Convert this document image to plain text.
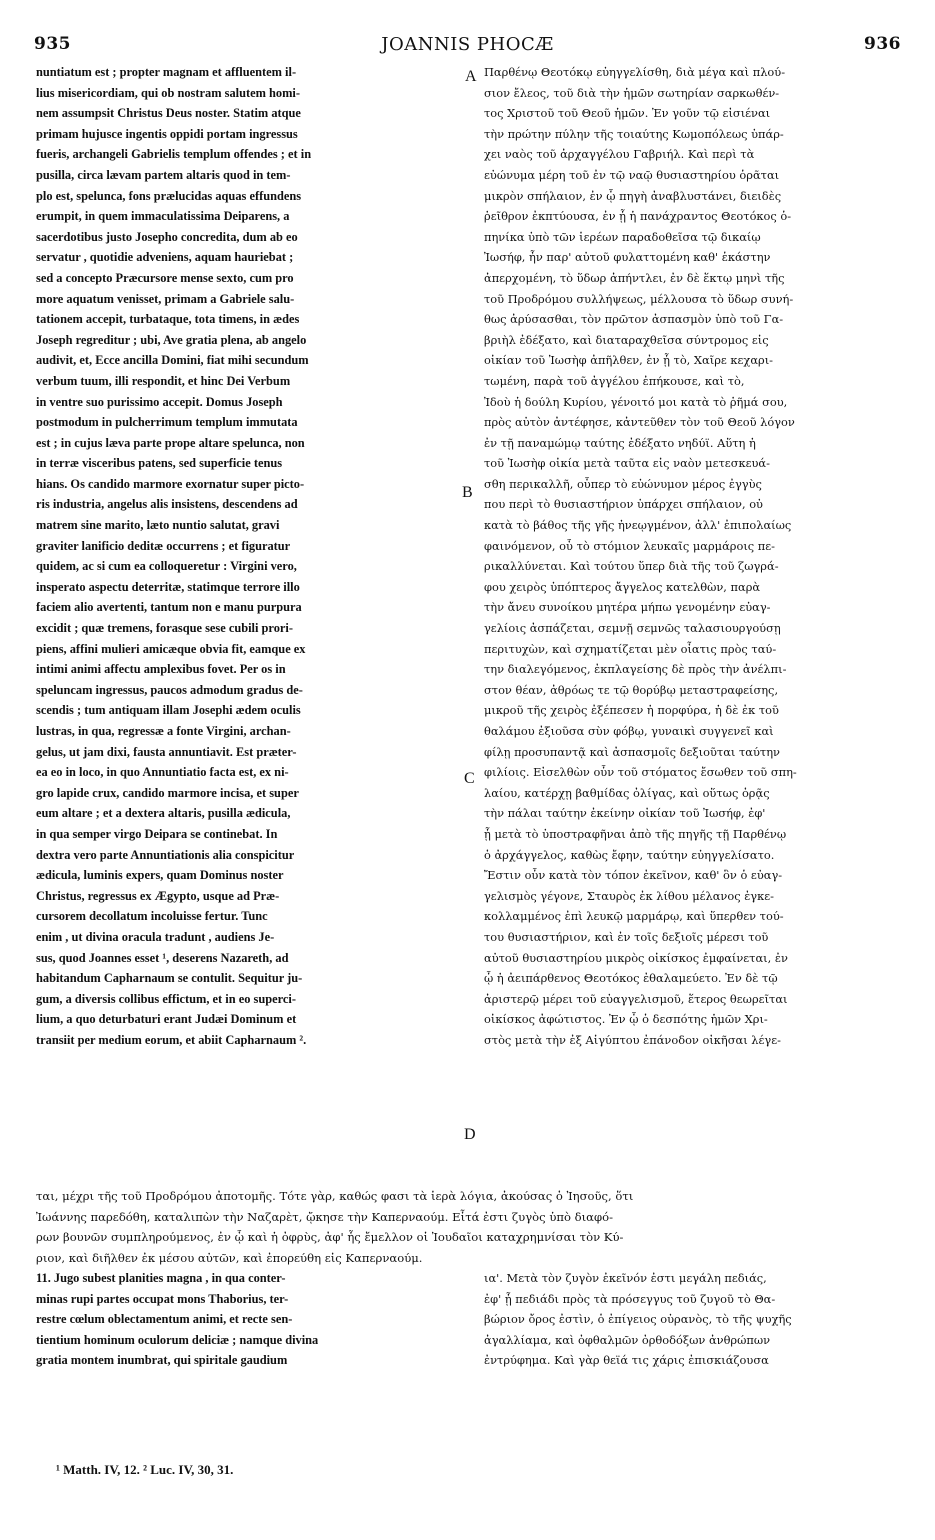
935	JOANNIS PHOCÆ	936
A
B
C
D
nuntiatum est ; propter magnam et affluentem il-
lius misericordiam, qui ob nostram salutem homi-
nem assumpsit Christus Deus noster. Statim atque
primam hujusce ingentis oppidi portam ingressus
fueris, archangeli Gabrielis templum offendes ; et in
pusilla, circa lævam partem altaris quod in tem-
plo est, spelunca, fons prælucidas aquas effundens
erumpit, in quem immaculatissima Deiparens, a
sacerdotibus justo Josepho concredita, dum ab eo
servatur , quotidie adveniens, aquam hauriebat ;
sed a concepto Præcursore mense sexto, cum pro
more aquatum venisset, primam a Gabriele salu-
tationem accepit, turbataque, tota timens, in ædes
Joseph regreditur ; ubi, Ave gratia plena, ab angelo
audivit, et, Ecce ancilla Domini, fiat mihi secundum
verbum tuum, illi respondit, et hinc Dei Verbum
in ventre suo purissimo accepit. Domus Joseph
postmodum in pulcherrimum templum immutata
est ; in cujus læva parte prope altare spelunca, non
in terræ visceribus patens, sed superficie tenus
hians. Os candido marmore exornatur super picto-
ris industria, angelus alis insistens, descendens ad
matrem sine marito, læto nuntio salutat, gravi
graviter lanificio deditæ occurrens ; et figuratur
quidem, ac si cum ea colloqueretur : Virgini vero,
insperato aspectu deterritæ, statimque terrore illo
faciem alio avertenti, tantum non e manu purpura
excidit ; quæ tremens, forasque sese cubili prori-
piens, affini mulieri amicæque obvia fit, eamque ex
intimi animi affectu amplexibus fovet. Per os in
speluncam ingressus, paucos admodum gradus de-
scendis ; tum antiquam illam Josephi ædem oculis
lustras, in qua, regressæ a fonte Virgini, archan-
gelus, ut jam dixi, fausta annuntiavit. Est præter-
ea eo in loco, in quo Annuntiatio facta est, ex ni-
gro lapide crux, candido marmore incisa, et super
eum altare ; et a dextera altaris, pusilla ædicula,
in qua semper virgo Deipara se continebat. In
dextra vero parte Annuntiationis alia conspicitur
ædicula, luminis expers, quam Dominus noster
Christus, regressus ex Ægypto, usque ad Præ-
cursorem decollatum incoluisse fertur. Tunc
enim , ut divina oracula tradunt , audiens Je-
sus, quod Joannes esset ¹, deserens Nazareth, ad
habitandum Capharnaum se contulit. Sequitur ju-
gum, a diversis collibus effictum, et in eo superci-
lium, a quo deturbaturi erant Judæi Dominum et
transiit per medium eorum, et abiit Capharnaum ².
Παρθένῳ Θεοτόκῳ εὐηγγελίσθη, διὰ μέγα καὶ πλού-
σιον ἔλεος, τοῦ διὰ τὴν ἡμῶν σωτηρίαν σαρκωθέν-
τος Χριστοῦ τοῦ Θεοῦ ἡμῶν. Ἐν γοῦν τῷ εἰσιέναι
τὴν πρώτην πύλην τῆς τοιαύτης Κωμοπόλεως ὑπάρ-
χει ναὸς τοῦ ἀρχαγγέλου Γαβριήλ. Καὶ περὶ τὰ
εὐώνυμα μέρη τοῦ ἐν τῷ ναῷ θυσιαστηρίου ὁρᾶται
μικρὸν σπήλαιον, ἐν ᾧ πηγὴ ἀναβλυστάνει, διειδὲς
ῥεῖθρον ἐκπτύουσα, ἐν ᾗ ἡ πανάχραντος Θεοτόκος ὁ-
πηνίκα ὑπὸ τῶν ἱερέων παραδοθεῖσα τῷ δικαίῳ
Ἰωσήφ, ἦν παρ' αὐτοῦ φυλαττομένη καθ' ἑκάστην
ἀπερχομένη, τὸ ὕδωρ ἀπήντλει, ἐν δὲ ἕκτῳ μηνὶ τῆς
τοῦ Προδρόμου συλλήψεως, μέλλουσα τὸ ὕδωρ συνή-
θως ἀρύσασθαι, τὸν πρῶτον ἀσπασμὸν ὑπὸ τοῦ Γα-
βριὴλ ἐδέξατο, καὶ διαταραχθεῖσα σύντρομος εἰς
οἰκίαν τοῦ Ἰωσὴφ ἀπῆλθεν, ἐν ᾗ τὸ, Χαῖρε κεχαρι-
τωμένη, παρὰ τοῦ ἀγγέλου ἐπήκουσε, καὶ τὸ,
Ἰδοὺ ἡ δούλη Κυρίου, γένοιτό μοι κατὰ τὸ ῥῆμά σου,
πρὸς αὐτὸν ἀντέφησε, κἀντεῦθεν τὸν τοῦ Θεοῦ λόγον
ἐν τῇ παναμώμῳ ταύτης ἐδέξατο νηδύϊ. Αὕτη ἡ
τοῦ Ἰωσὴφ οἰκία μετὰ ταῦτα εἰς ναὸν μετεσκευά-
σθη περικαλλῆ, οὗπερ τὸ εὐώνυμον μέρος ἐγγὺς
που περὶ τὸ θυσιαστήριον ὑπάρχει σπήλαιον, οὐ
κατὰ τὸ βάθος τῆς γῆς ἠνεῳγμένον, ἀλλ' ἐπιπολαίως
φαινόμενον, οὗ τὸ στόμιον λευκαῖς μαρμάροις πε-
ρικαλλύνεται. Καὶ τούτου ὕπερ διὰ τῆς τοῦ ζωγρά-
φου χειρὸς ὑπόπτερος ἄγγελος κατελθὼν, παρὰ
τὴν ἄνευ συνοίκου μητέρα μήπω γενομένην εὐαγ-
γελίοις ἀσπάζεται, σεμνῇ σεμνῶς ταλασιουργούσῃ
περιτυχὼν, καὶ σχηματίζεται μὲν οἷατις πρὸς ταύ-
την διαλεγόμενος, ἐκπλαγείσης δὲ πρὸς τὴν ἀνέλπι-
στον θέαν, ἀθρόως τε τῷ θορύβῳ μεταστραφείσης,
μικροῦ τῆς χειρὸς ἐξέπεσεν ἡ πορφύρα, ἡ δὲ ἐκ τοῦ
θαλάμου ἐξιοῦσα σὺν φόβῳ, γυναικὶ συγγενεῖ καὶ
φίλῃ προσυπαντᾷ καὶ ἀσπασμοῖς δεξιοῦται ταύτην
φιλίοις. Εἰσελθὼν οὖν τοῦ στόματος ἔσωθεν τοῦ σπη-
λαίου, κατέρχῃ βαθμίδας ὀλίγας, καὶ οὕτως ὁρᾷς
τὴν πάλαι ταύτην ἐκείνην οἰκίαν τοῦ Ἰωσήφ, ἐφ'
ᾗ μετὰ τὸ ὑποστραφῆναι ἀπὸ τῆς πηγῆς τῇ Παρθένῳ
ὁ ἀρχάγγελος, καθὼς ἔφην, ταύτην εὐηγγελίσατο.
Ἔστιν οὖν κατὰ τὸν τόπον ἐκεῖνον, καθ' ὃν ὁ εὐαγ-
γελισμὸς γέγονε, Σταυρὸς ἐκ λίθου μέλανος ἐγκε-
κολλαμμένος ἐπὶ λευκῷ μαρμάρῳ, καὶ ὕπερθεν τού-
του θυσιαστήριον, καὶ ἐν τοῖς δεξιοῖς μέρεσι τοῦ
αὐτοῦ θυσιαστηρίου μικρὸς οἰκίσκος ἐμφαίνεται, ἐν
ᾧ ἡ ἀειπάρθενος Θεοτόκος ἐθαλαμεύετο. Ἐν δὲ τῷ
ἀριστερῷ μέρει τοῦ εὐαγγελισμοῦ, ἕτερος θεωρεῖται
οἰκίσκος ἀφώτιστος. Ἐν ᾧ ὁ δεσπότης ἡμῶν Χρι-
στὸς μετὰ τὴν ἐξ Αἰγύπτου ἐπάνοδον οἰκῆσαι λέγε-
ται, μέχρι τῆς τοῦ Προδρόμου ἀποτομῆς. Τότε γὰρ, καθώς φασι τὰ ἱερὰ λόγια, ἀκούσας ὁ Ἰησοῦς, ὅτι
Ἰωάννης παρεδόθη, καταλιπὼν τὴν Ναζαρὲτ, ᾤκησε τὴν Καπερναούμ. Εἶτά ἐστι ζυγὸς ὑπὸ διαφό-
ρων βουνῶν συμπληρούμενος, ἐν ᾧ καὶ ἡ ὀφρὺς, ἀφ' ἧς ἔμελλον οἱ Ἰουδαῖοι καταχρημνίσαι τὸν Κύ-
ριον, καὶ διῆλθεν ἐκ μέσου αὐτῶν, καὶ ἐπορεύθη εἰς Καπερναούμ.
11. Jugo subest planities magna , in qua conter-
minas rupi partes occupat mons Thaborius, ter-
restre cœlum oblectamentum animi, et recte sen-
tientium hominum oculorum deliciæ ; namque divina
gratia montem inumbrat, qui spiritale gaudium
ια'. Μετὰ τὸν ζυγὸν ἐκεῖνόν ἐστι μεγάλη πεδιάς,
ἐφ' ᾗ πεδιάδι πρὸς τὰ πρόσεγγυς τοῦ ζυγοῦ τὸ Θα-
βώριον ὄρος ἐστὶν, ὁ ἐπίγειος οὐρανὸς, τὸ τῆς ψυχῆς
ἀγαλλίαμα, καὶ ὀφθαλμῶν ὀρθοδόξων ἀνθρώπων
ἐντρύφημα. Καὶ γὰρ θεϊά τις χάρις ἐπισκιάζουσα
¹ Matth. IV, 12. ² Luc. IV, 30, 31.
